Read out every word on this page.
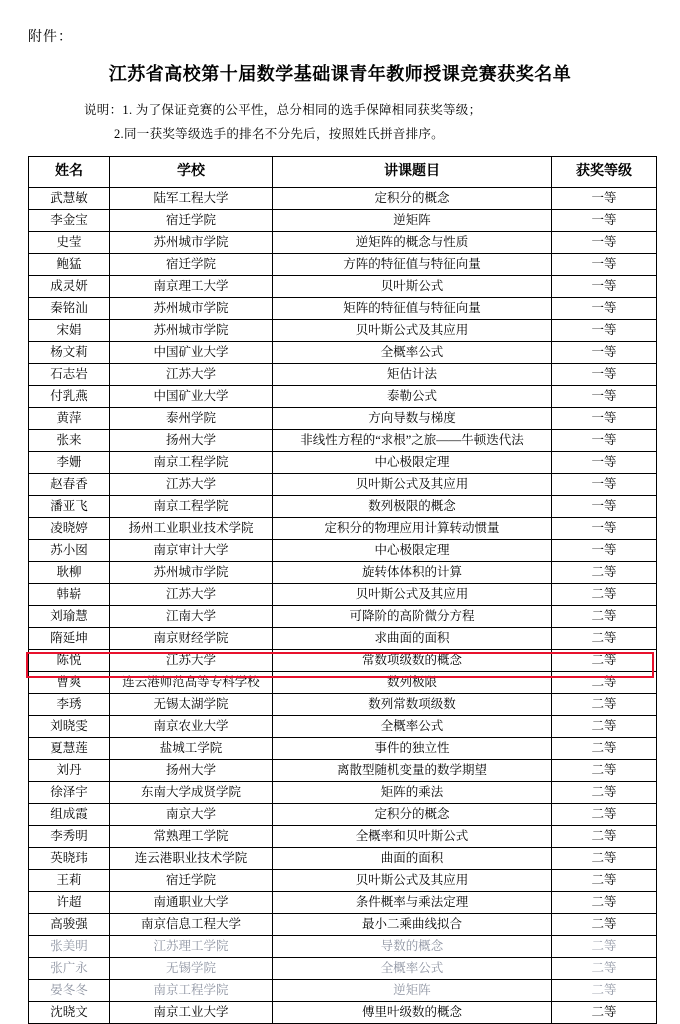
附件：
江苏省高校第十届数学基础课青年教师授课竞赛获奖名单

说明：1. 为了保证竞赛的公平性，总分相同的选手保障相同获奖等级；

2.同一获奖等级选手的排名不分先后，按照姓氏拼音排序。

姓名	学校	讲课题目	获奖等级
武慧敏	陆军工程大学	定积分的概念	一等
李金宝	宿迁学院	逆矩阵	一等
史莹	苏州城市学院	逆矩阵的概念与性质	一等
鲍猛	宿迁学院	方阵的特征值与特征向量	一等
成灵妍	南京理工大学	贝叶斯公式	一等
秦铭汕	苏州城市学院	矩阵的特征值与特征向量	一等
宋娟	苏州城市学院	贝叶斯公式及其应用	一等
杨文莉	中国矿业大学	全概率公式	一等
石志岩	江苏大学	矩估计法	一等
付乳燕	中国矿业大学	泰勒公式	一等
黄萍	泰州学院	方向导数与梯度	一等
张来	扬州大学	非线性方程的“求根”之旅——牛顿迭代法	一等
李姗	南京工程学院	中心极限定理	一等
赵春香	江苏大学	贝叶斯公式及其应用	一等
潘亚飞	南京工程学院	数列极限的概念	一等
凌晓婷	扬州工业职业技术学院	定积分的物理应用计算转动惯量	一等
苏小囡	南京审计大学	中心极限定理	一等
耿柳	苏州城市学院	旋转体体积的计算	二等
韩崭	江苏大学	贝叶斯公式及其应用	二等
刘瑜慧	江南大学	可降阶的高阶微分方程	二等
隋延坤	南京财经学院	求曲面的面积	二等
陈悦	江苏大学	常数项级数的概念	二等
曹爽	连云港师范高等专科学校	数列极限	二等
李琇	无锡太湖学院	数列常数项级数	二等
刘晓雯	南京农业大学	全概率公式	二等
夏慧莲	盐城工学院	事件的独立性	二等
刘丹	扬州大学	离散型随机变量的数学期望	二等
徐泽宇	东南大学成贤学院	矩阵的乘法	二等
组成霞	南京大学	定积分的概念	二等
李秀明	常熟理工学院	全概率和贝叶斯公式	二等
英晓玮	连云港职业技术学院	曲面的面积	二等
王莉	宿迁学院	贝叶斯公式及其应用	二等
许超	南通职业大学	条件概率与乘法定理	二等
高骏强	南京信息工程大学	最小二乘曲线拟合	二等
张美明	江苏理工学院	导数的概念	二等
张广永	无锡学院	全概率公式	二等
晏冬冬	南京工程学院	逆矩阵	二等
沈晓文	南京工业大学	傅里叶级数的概念	二等
